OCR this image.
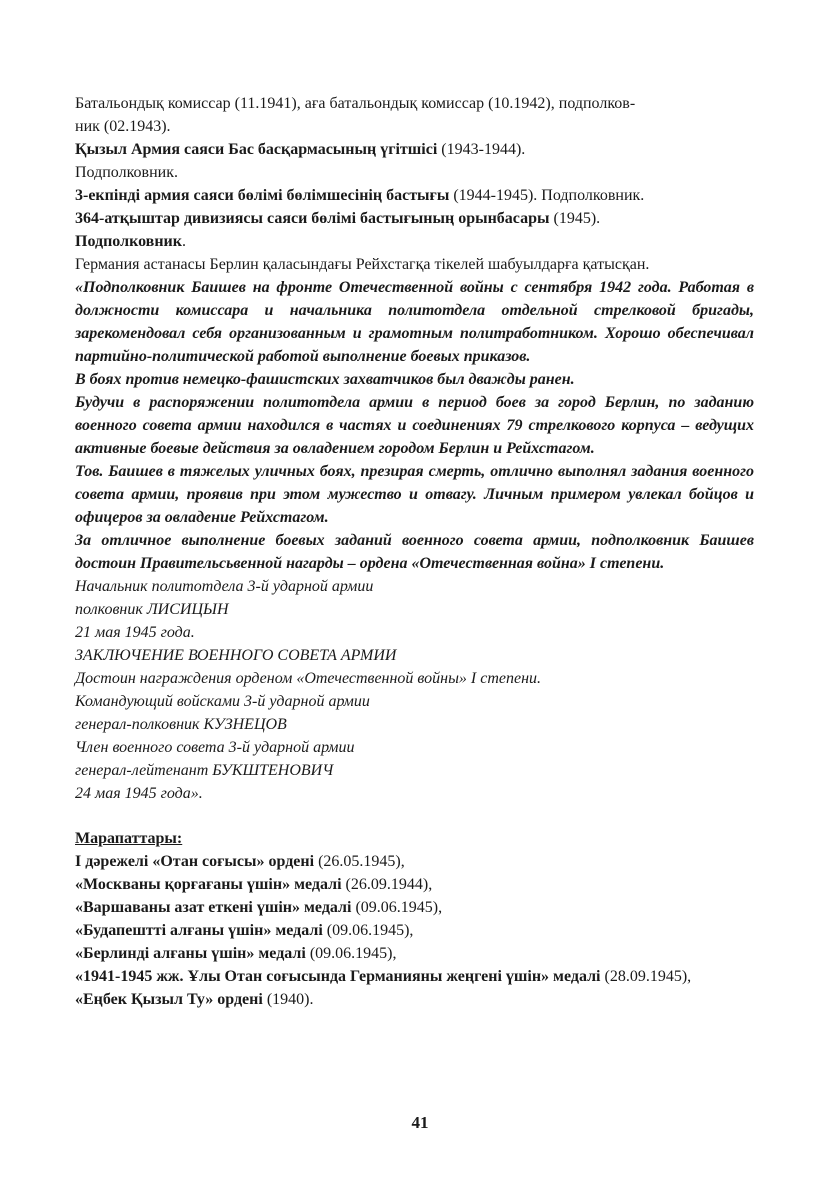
Батальондық комиссар (11.1941), аға батальондық комиссар (10.1942), подполков-

ник (02.1943).

Қызыл Армия саяси Бас басқармасының үгітшісі (1943-1944).

Подполковник.

3-екпінді армия саяси бөлімі бөлімшесінің бастығы (1944-1945). Подполковник.

364-атқыштар дивизиясы саяси бөлімі бастығының орынбасары (1945).

Подполковник.

Германия астанасы Берлин қаласындағы Рейхстагқа тікелей шабуылдарға қатысқан.

«Подполковник Баишев на фронте Отечественной войны с сентября 1942 года. Работая в должности комиссара и начальника политотдела отдельной стрелковой бригады, зарекомендовал себя организованным и грамотным политработником. Хорошо обеспечивал партийно-политической работой выполнение боевых приказов.

В боях против немецко-фашистских захватчиков был дважды ранен.

Будучи в распоряжении политотдела армии в период боев за город Берлин, по заданию военного совета армии находился в частях и соединениях 79 стрелкового корпуса – ведущих активные боевые действия за овладением городом Берлин и Рейхстагом.

Тов. Баишев в тяжелых уличных боях, презирая смерть, отлично выполнял задания военного совета армии, проявив при этом мужество и отвагу. Личным примером увлекал бойцов и офицеров за овладение Рейхстагом.

За отличное выполнение боевых заданий военного совета армии, подполковник Баишев достоин Правительсьвенной нагарды – ордена «Отечественная война» I степени.

Начальник политотдела 3-й ударной армии

полковник ЛИСИЦЫН

21 мая 1945 года.

ЗАКЛЮЧЕНИЕ ВОЕННОГО СОВЕТА АРМИИ

Достоин награждения орденом «Отечественной войны» I степени.

Командующий войсками 3-й ударной армии

генерал-полковник КУЗНЕЦОВ

Член военного совета 3-й ударной армии

генерал-лейтенант БУКШТЕНОВИЧ

24 мая 1945 года».

Марапаттары:

I дәрежелі «Отан соғысы» ордені (26.05.1945),

«Москваны қорғағаны үшін» медалі (26.09.1944),

«Варшаваны азат еткені үшін» медалі (09.06.1945),

«Будапештті алғаны үшін» медалі (09.06.1945),

«Берлинді алғаны үшін» медалі (09.06.1945),

«1941-1945 жж. Ұлы Отан соғысында Германияны жеңгені үшін» медалі (28.09.1945),

«Еңбек Қызыл Ту» ордені (1940).

41
